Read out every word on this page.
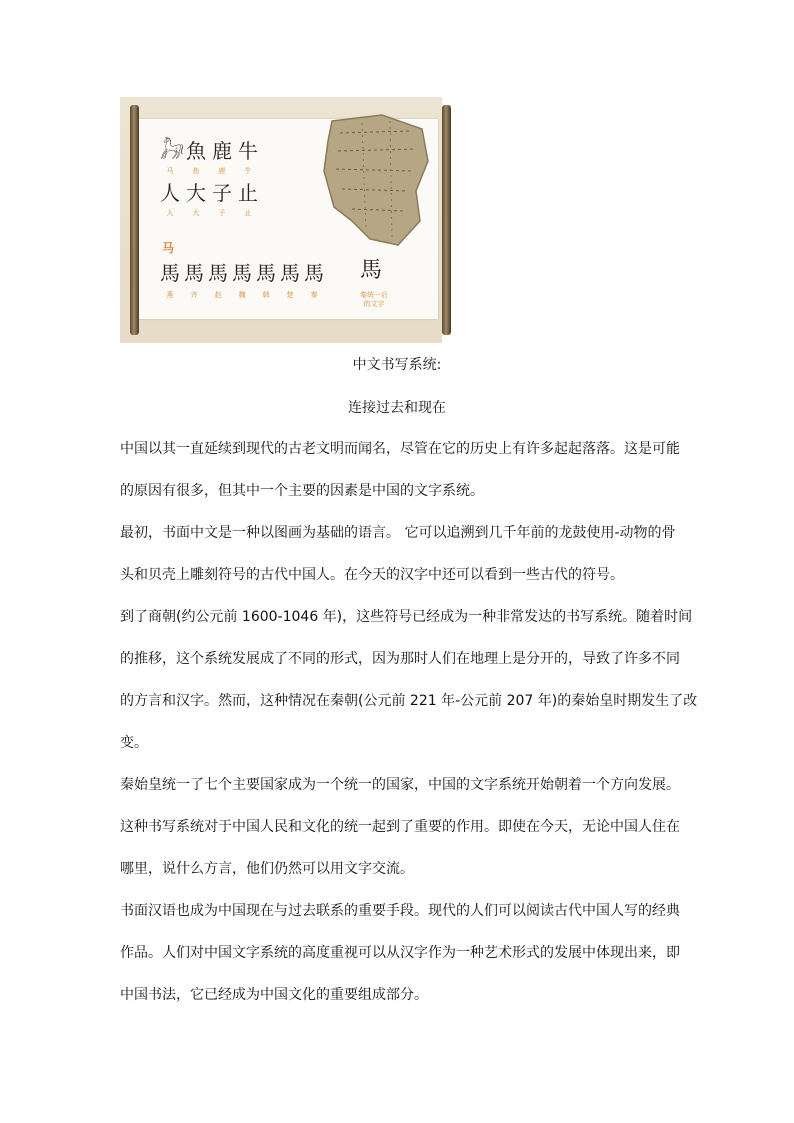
𓃗 魚 鹿 牛
马	鱼	鹿	牛
人 大 子 止
人	大	子	止
马
馬 馬 馬 馬 馬 馬 馬
燕	齐	赵	魏	韩	楚	秦
馬
秦统一后
的文字
中文书写系统:
连接过去和现在

中国以其一直延续到现代的古老文明而闻名，尽管在它的历史上有许多起起落落。这是可能

的原因有很多，但其中一个主要的因素是中国的文字系统。

最初，书面中文是一种以图画为基础的语言。 它可以追溯到几千年前的龙鼓使用-动物的骨

头和贝壳上雕刻符号的古代中国人。在今天的汉字中还可以看到一些古代的符号。

到了商朝(约公元前 1600-1046 年)，这些符号已经成为一种非常发达的书写系统。随着时间

的推移，这个系统发展成了不同的形式，因为那时人们在地理上是分开的，导致了许多不同

的方言和汉字。然而，这种情况在秦朝(公元前 221 年-公元前 207 年)的秦始皇时期发生了改

变。

秦始皇统一了七个主要国家成为一个统一的国家，中国的文字系统开始朝着一个方向发展。

这种书写系统对于中国人民和文化的统一起到了重要的作用。即使在今天，无论中国人住在

哪里，说什么方言，他们仍然可以用文字交流。

书面汉语也成为中国现在与过去联系的重要手段。现代的人们可以阅读古代中国人写的经典

作品。人们对中国文字系统的高度重视可以从汉字作为一种艺术形式的发展中体现出来，即

中国书法，它已经成为中国文化的重要组成部分。
